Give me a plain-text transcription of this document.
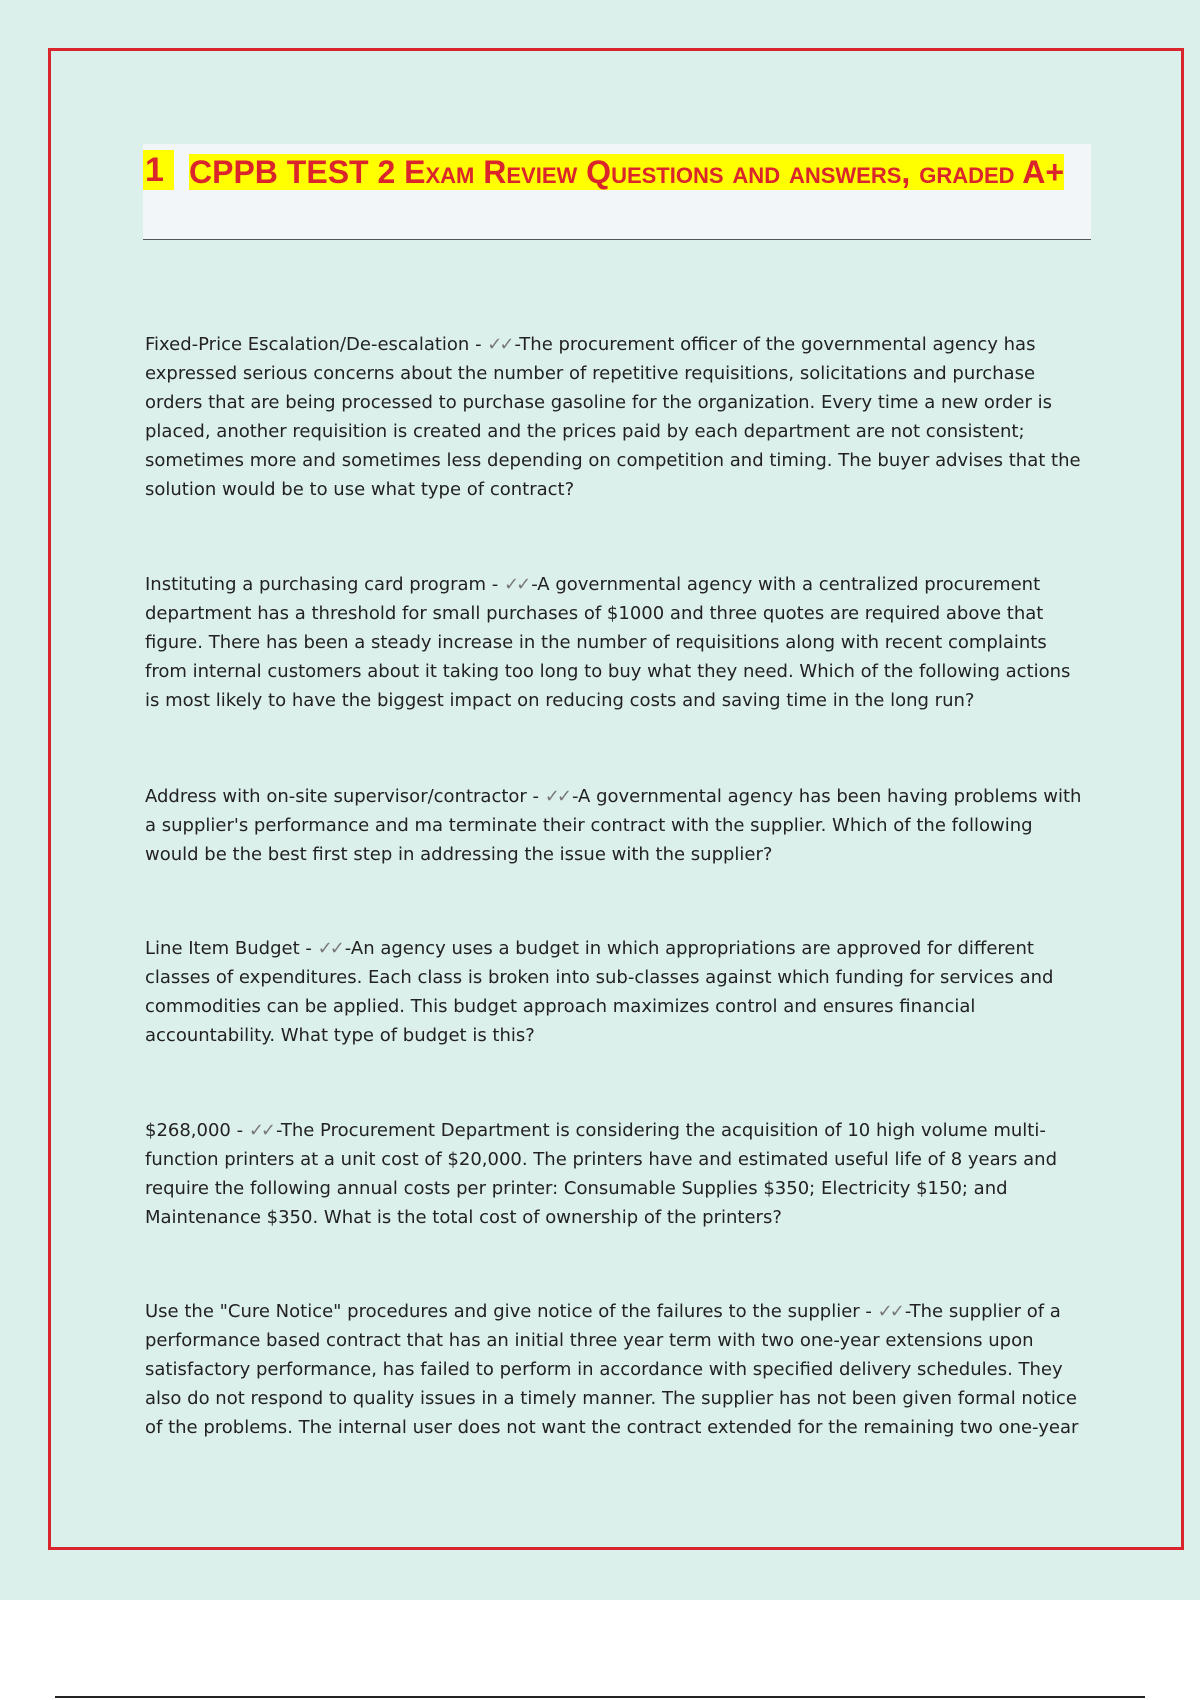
1 CPPB TEST 2 Exam Review Questions and answers, graded A+
Fixed-Price Escalation/De-escalation - ✓✓ -The procurement officer of the governmental agency has expressed serious concerns about the number of repetitive requisitions, solicitations and purchase orders that are being processed to purchase gasoline for the organization. Every time a new order is placed, another requisition is created and the prices paid by each department are not consistent; sometimes more and sometimes less depending on competition and timing. The buyer advises that the solution would be to use what type of contract?
Instituting a purchasing card program - ✓✓ -A governmental agency with a centralized procurement department has a threshold for small purchases of $1000 and three quotes are required above that figure. There has been a steady increase in the number of requisitions along with recent complaints from internal customers about it taking too long to buy what they need. Which of the following actions is most likely to have the biggest impact on reducing costs and saving time in the long run?
Address with on-site supervisor/contractor - ✓✓ -A governmental agency has been having problems with a supplier's performance and ma terminate their contract with the supplier. Which of the following would be the best first step in addressing the issue with the supplier?
Line Item Budget - ✓✓ -An agency uses a budget in which appropriations are approved for different classes of expenditures. Each class is broken into sub-classes against which funding for services and commodities can be applied. This budget approach maximizes control and ensures financial accountability. What type of budget is this?
$268,000 - ✓✓ -The Procurement Department is considering the acquisition of 10 high volume multi-function printers at a unit cost of $20,000. The printers have and estimated useful life of 8 years and require the following annual costs per printer: Consumable Supplies $350; Electricity $150; and Maintenance $350. What is the total cost of ownership of the printers?
Use the "Cure Notice" procedures and give notice of the failures to the supplier - ✓✓ -The supplier of a performance based contract that has an initial three year term with two one-year extensions upon satisfactory performance, has failed to perform in accordance with specified delivery schedules. They also do not respond to quality issues in a timely manner. The supplier has not been given formal notice of the problems. The internal user does not want the contract extended for the remaining two one-year
